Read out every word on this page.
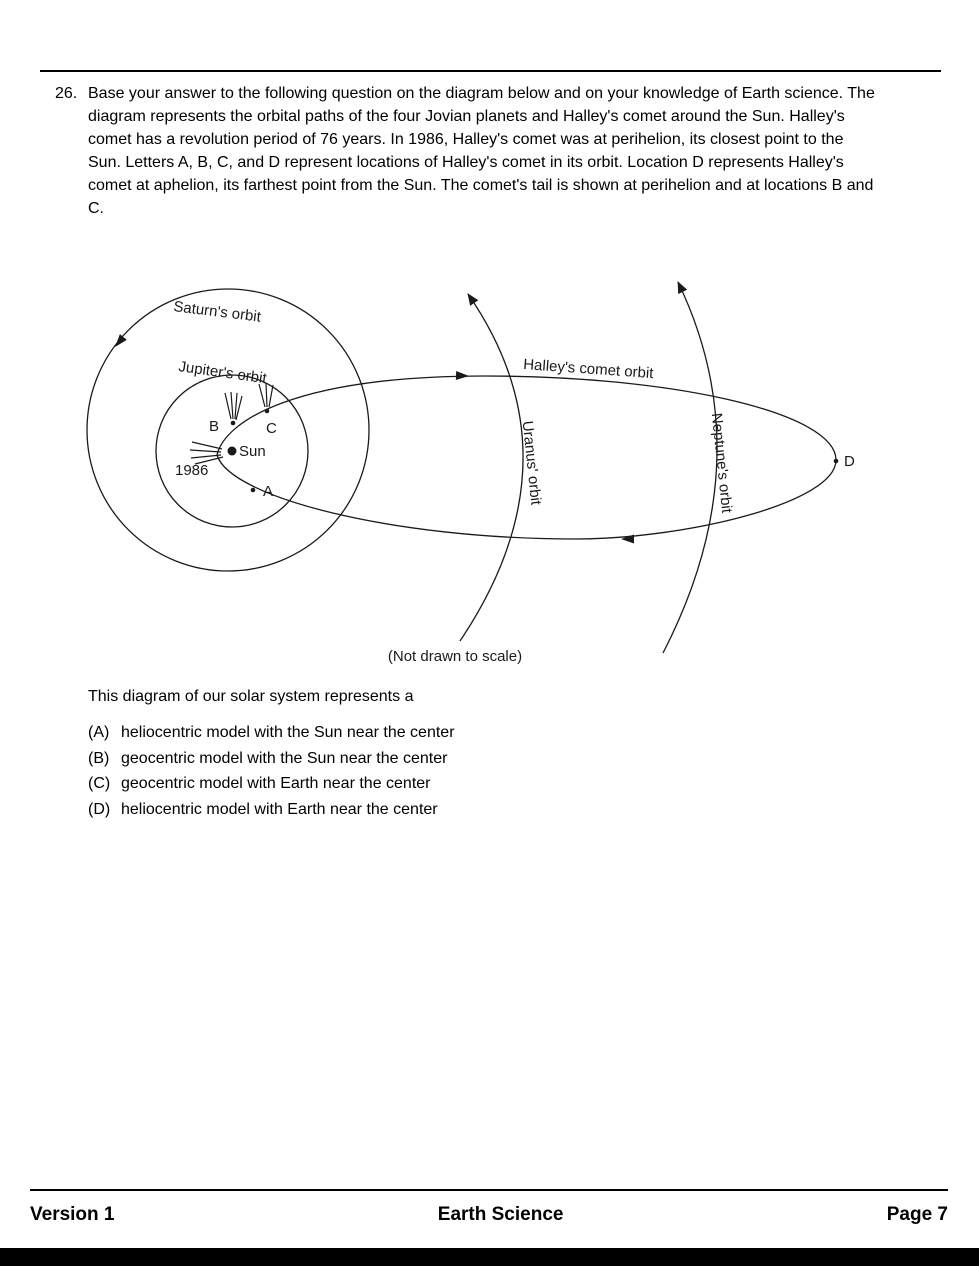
26. Base your answer to the following question on the diagram below and on your knowledge of Earth science. The diagram represents the orbital paths of the four Jovian planets and Halley's comet around the Sun. Halley's comet has a revolution period of 76 years. In 1986, Halley's comet was at perihelion, its closest point to the Sun. Letters A, B, C, and D represent locations of Halley's comet in its orbit. Location D represents Halley's comet at aphelion, its farthest point from the Sun. The comet's tail is shown at perihelion and at locations B and C.
Saturn's orbit
Jupiter's orbit	Halley's comet orbit
Uranus' orbit	Neptune's orbit
Sun
1986
B	C
A
D
(Not drawn to scale)
This diagram of our solar system represents a
(A) heliocentric model with the Sun near the center
(B) geocentric model with the Sun near the center
(C) geocentric model with Earth near the center
(D) heliocentric model with Earth near the center
Version 1	Earth Science	Page 7
